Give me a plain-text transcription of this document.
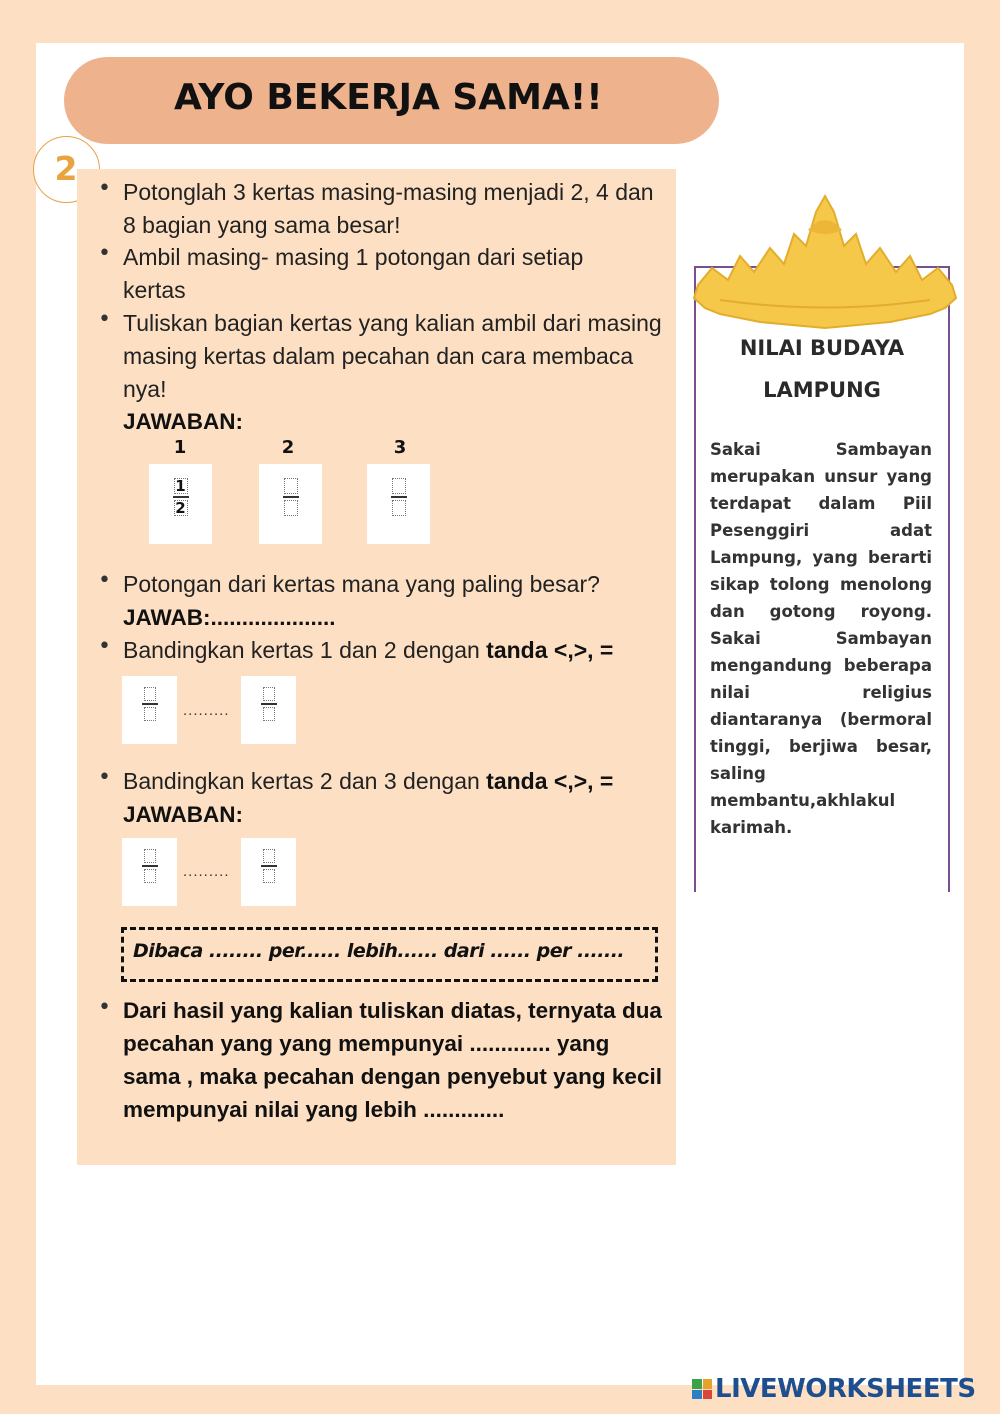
AYO BEKERJA SAMA!!
2
• Potonglah 3 kertas masing-masing menjadi 2, 4 dan 8 bagian yang sama besar!
• Ambil masing- masing 1 potongan dari setiap kertas
• Tuliskan bagian kertas yang kalian ambil dari masing masing kertas dalam pecahan dan cara membaca nya!
JAWABAN:
1	2	3
$\frac{1}{2}$
• Potongan dari kertas mana yang paling besar?
JAWAB:....................
• Bandingkan kertas 1 dan 2 dengan tanda <,>, =
.........
• Bandingkan kertas 2 dan 3 dengan tanda <,>, =
JAWABAN:
.........
Dibaca ........ per...... lebih...... dari ...... per .......
• Dari hasil yang kalian tuliskan diatas, ternyata dua pecahan yang yang mempunyai ............. yang sama , maka pecahan dengan penyebut yang kecil mempunyai nilai yang lebih .............
NILAI BUDAYA
LAMPUNG
Sakai Sambayan merupakan unsur yang terdapat dalam Piil Pesenggiri adat Lampung, yang berarti sikap tolong menolong dan gotong royong. Sakai Sambayan mengandung beberapa nilai religius diantaranya (bermoral tinggi, berjiwa besar, saling membantu,akhlakul karimah.
LIVEWORKSHEETS
